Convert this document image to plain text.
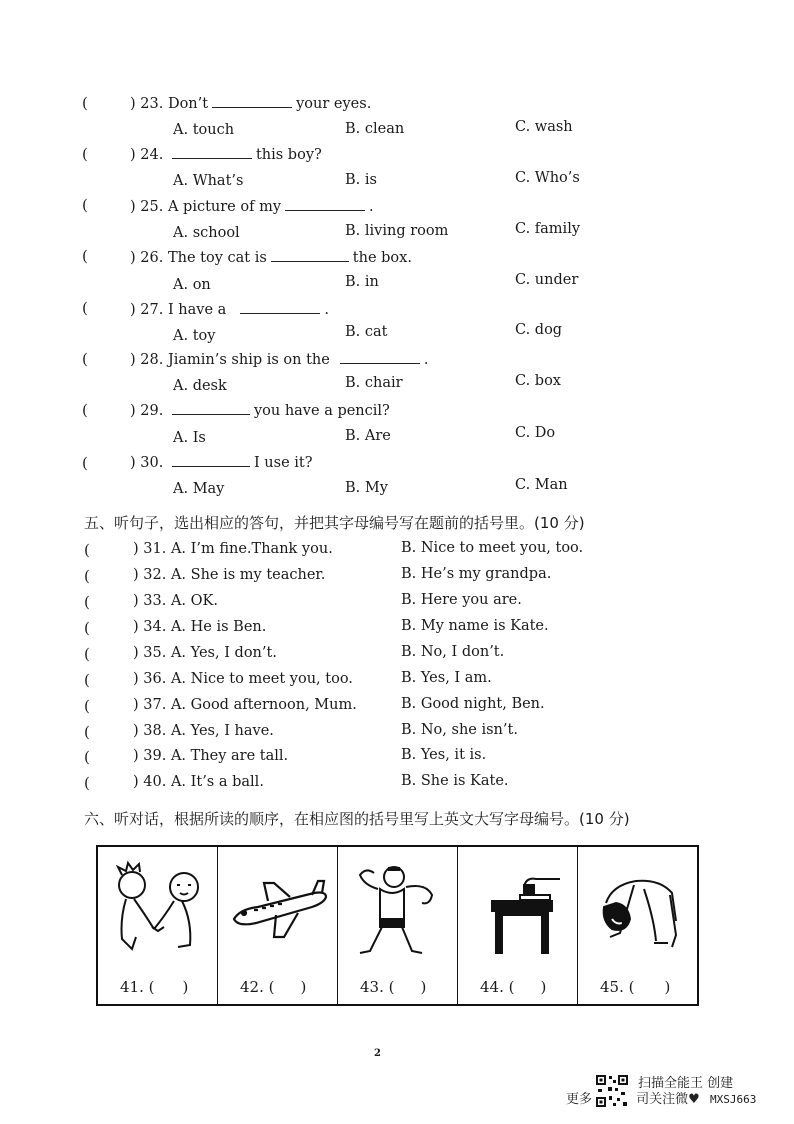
(	) 23. Don’t	your eyes.
A. touch	B. clean	C. wash
(	) 24.	this boy?
A. What’s	B. is	C. Who’s
(	) 25. A picture of my	.
A. school	B. living room	C. family
(	) 26. The toy cat is	the box.
A. on	B. in	C. under
(	) 27. I have a	.
A. toy	B. cat	C. dog
(	) 28. Jiamin’s ship is on the	.
A. desk	B. chair	C. box
(	) 29.	you have a pencil?
A. Is	B. Are	C. Do
(	) 30.	I use it?
A. May	B. My	C. Man
五、听句子，选出相应的答句，并把其字母编号写在题前的括号里。(10 分)
(	) 31. A. I’m fine.Thank you.	B. Nice to meet you, too.
(	) 32. A. She is my teacher.	B. He’s my grandpa.
(	) 33. A. OK.	B. Here you are.
(	) 34. A. He is Ben.	B. My name is Kate.
(	) 35. A. Yes, I don’t.	B. No, I don’t.
(	) 36. A. Nice to meet you, too.	B. Yes, I am.
(	) 37. A. Good afternoon, Mum.	B. Good night, Ben.
(	) 38. A. Yes, I have.	B. No, she isn’t.
(	) 39. A. They are tall.	B. Yes, it is.
(	) 40. A. It’s a ball.	B. She is Kate.
六、听对话，根据所读的顺序，在相应图的括号里写上英文大写字母编号。(10 分)
41. ( )	42. ( )	43. ( )	44. ( )	45. ( )
2
更多	司关注微♥ MXSJ663
扫描全能王 创建
